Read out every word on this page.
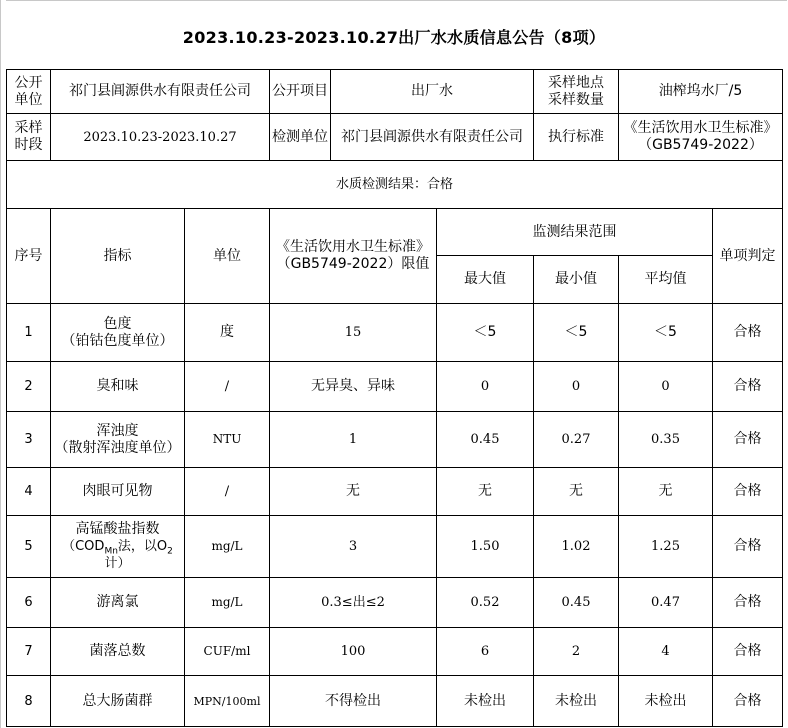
2023.10.23-2023.10.27出厂水水质信息公告（8项）
公开
单位	祁门县阊源供水有限责任公司		公开项目	出厂水		采样地点
采样数量	油榨坞水厂/5	
采样
时段	2023.10.23-2023.10.27		检测单位	祁门县阊源供水有限责任公司		执行标准	《生活饮用水卫生标准》
（GB5749-2022）	
水质检测结果：合格								
序号	指标	单位	《生活饮用水卫生标准》
（GB5749-2022）限值		监测结果范围			单项判定
					最大值	最小值	平均值	
1	色度
（铂钴色度单位）	度	15		＜5	＜5	＜5	合格
2	臭和味	/	无异臭、异味		0	0	0	合格
3	浑浊度
（散射浑浊度单位）	NTU	1		0.45	0.27	0.35	合格
4	肉眼可见物	/	无		无	无	无	合格
5	高锰酸盐指数
（$COD_{Mn}$法，以$O_2$计）	mg/L	3		1.50	1.02	1.25	合格
6	游离氯	mg/L	0.3≤出≤2		0.52	0.45	0.47	合格
7	菌落总数	CUF/ml	100		6	2	4	合格
8	总大肠菌群	MPN/100ml	不得检出		未检出	未检出	未检出	合格
